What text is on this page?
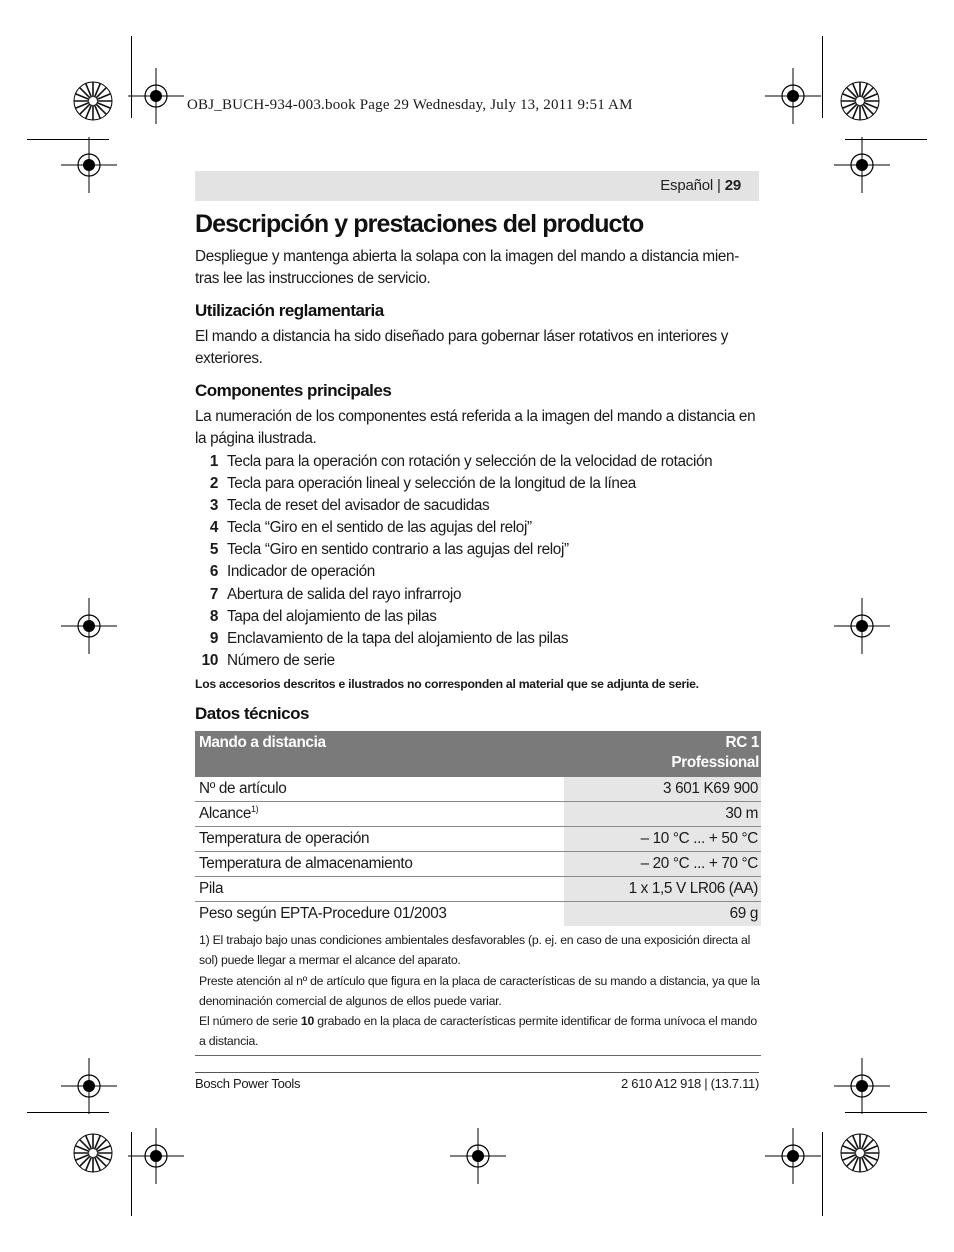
OBJ_BUCH-934-003.book Page 29 Wednesday, July 13, 2011 9:51 AM
Español | 29
Descripción y prestaciones del producto

Despliegue y mantenga abierta la solapa con la imagen del mando a distancia mien-tras lee las instrucciones de servicio.

Utilización reglamentaria

El mando a distancia ha sido diseñado para gobernar láser rotativos en interiores y exteriores.

Componentes principales

La numeración de los componentes está referida a la imagen del mando a distancia en la página ilustrada.

1 Tecla para la operación con rotación y selección de la velocidad de rotación
2 Tecla para operación lineal y selección de la longitud de la línea
3 Tecla de reset del avisador de sacudidas
4 Tecla “Giro en el sentido de las agujas del reloj”
5 Tecla “Giro en sentido contrario a las agujas del reloj”
6 Indicador de operación
7 Abertura de salida del rayo infrarrojo
8 Tapa del alojamiento de las pilas
9 Enclavamiento de la tapa del alojamiento de las pilas
10 Número de serie

Los accesorios descritos e ilustrados no corresponden al material que se adjunta de serie.

Datos técnicos
Mando a distancia	RC 1
Professional
Nº de artículo	3 601 K69 900
Alcance$^{1)}$	30 m
Temperatura de operación	– 10 °C ... + 50 °C
Temperatura de almacenamiento	– 20 °C ... + 70 °C
Pila	1 x 1,5 V LR06 (AA)
Peso según EPTA-Procedure 01/2003	69 g
1) El trabajo bajo unas condiciones ambientales desfavorables (p. ej. en caso de una exposición directa al sol) puede llegar a mermar el alcance del aparato.
Preste atención al nº de artículo que figura en la placa de características de su mando a distancia, ya que la denominación comercial de algunos de ellos puede variar.
El número de serie 10 grabado en la placa de características permite identificar de forma unívoca el mando a distancia.
Bosch Power Tools	2 610 A12 918 | (13.7.11)
